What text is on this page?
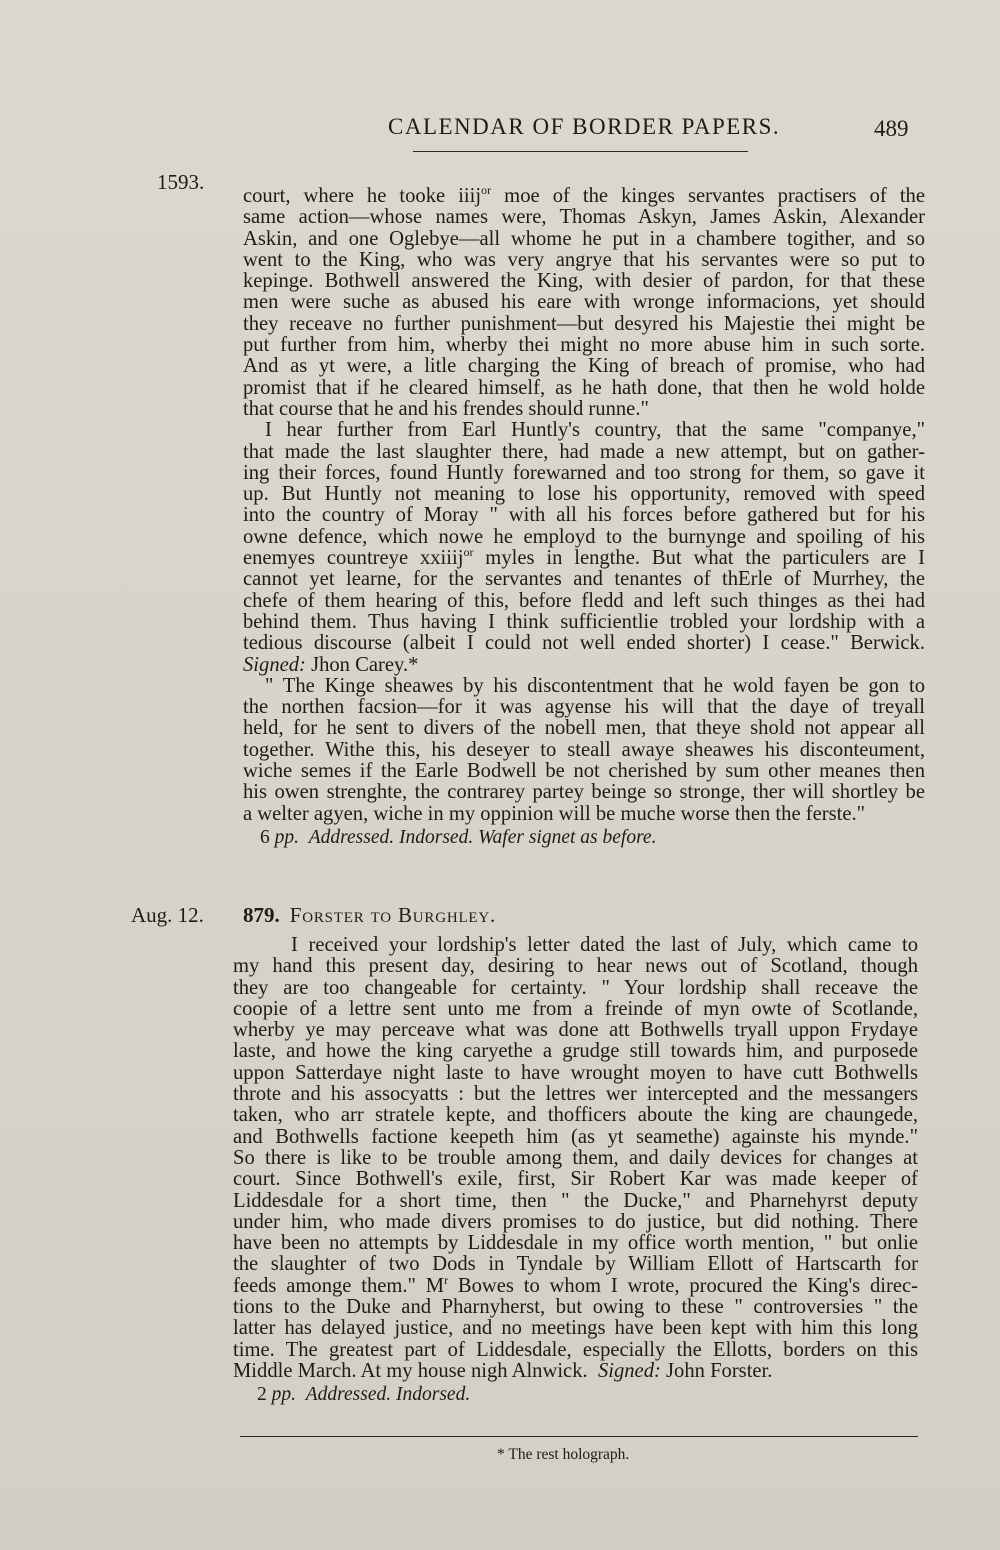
CALENDAR OF BORDER PAPERS.	489
1593.

court, where he tooke iiij$^{or}$ moe of the kinges servantes practisers of the
same action—whose names were, Thomas Askyn, James Askin, Alexander
Askin, and one Oglebye—all whome he put in a chambere togither, and so
went to the King, who was very angrye that his servantes were so put to
kepinge. Bothwell answered the King, with desier of pardon, for that these
men were suche as abused his eare with wronge informacions, yet should
they receave no further punishment—but desyred his Majestie thei might be
put further from him, wherby thei might no more abuse him in such sorte.
And as yt were, a litle charging the King of breach of promise, who had
promist that if he cleared himself, as he hath done, that then he wold holde
that course that he and his frendes should runne."

I hear further from Earl Huntly's country, that the same "companye,"
that made the last slaughter there, had made a new attempt, but on gather-
ing their forces, found Huntly forewarned and too strong for them, so gave it
up. But Huntly not meaning to lose his opportunity, removed with speed
into the country of Moray " with all his forces before gathered but for his
owne defence, which nowe he employd to the burnynge and spoiling of his
enemyes countreye xxiiij$^{or}$ myles in lengthe. But what the particulers are I
cannot yet learne, for the servantes and tenantes of thErle of Murrhey, the
chefe of them hearing of this, before fledd and left such thinges as thei had
behind them. Thus having I think sufficientlie trobled your lordship with a
tedious discourse (albeit I could not well ended shorter) I cease." Berwick.
Signed: Jhon Carey.*

" The Kinge sheawes by his discontentment that he wold fayen be gon to
the northen facsion—for it was agyense his will that the daye of treyall
held, for he sent to divers of the nobell men, that theye shold not appear all
together. Withe this, his deseyer to steall awaye sheawes his disconteument,
wiche semes if the Earle Bodwell be not cherished by sum other meanes then
his owen strenghte, the contrarey partey beinge so stronge, ther will shortley be
a welter agyen, wiche in my oppinion will be muche worse then the ferste."

6 pp. Addressed. Indorsed. Wafer signet as before.
Aug. 12. 879. Forster to Burghley.

I received your lordship's letter dated the last of July, which came to
my hand this present day, desiring to hear news out of Scotland, though
they are too changeable for certainty. " Your lordship shall receave the
coopie of a lettre sent unto me from a freinde of myn owte of Scotlande,
wherby ye may perceave what was done att Bothwells tryall uppon Frydaye
laste, and howe the king caryethe a grudge still towards him, and purposede
uppon Satterdaye night laste to have wrought moyen to have cutt Bothwells
throte and his assocyatts : but the lettres wer intercepted and the messangers
taken, who arr stratele kepte, and thofficers aboute the king are chaungede,
and Bothwells factione keepeth him (as yt seamethe) againste his mynde."
So there is like to be trouble among them, and daily devices for changes at
court. Since Bothwell's exile, first, Sir Robert Kar was made keeper of
Liddesdale for a short time, then " the Ducke," and Pharnehyrst deputy
under him, who made divers promises to do justice, but did nothing. There
have been no attempts by Liddesdale in my office worth mention, " but onlie
the slaughter of two Dods in Tyndale by William Ellott of Hartscarth for
feeds amonge them." $M^r$ Bowes to whom I wrote, procured the King's direc-
tions to the Duke and Pharnyherst, but owing to these " controversies " the
latter has delayed justice, and no meetings have been kept with him this long
time. The greatest part of Liddesdale, especially the Ellotts, borders on this
Middle March. At my house nigh Alnwick. Signed: John Forster.

2 pp. Addressed. Indorsed.
* The rest holograph.
